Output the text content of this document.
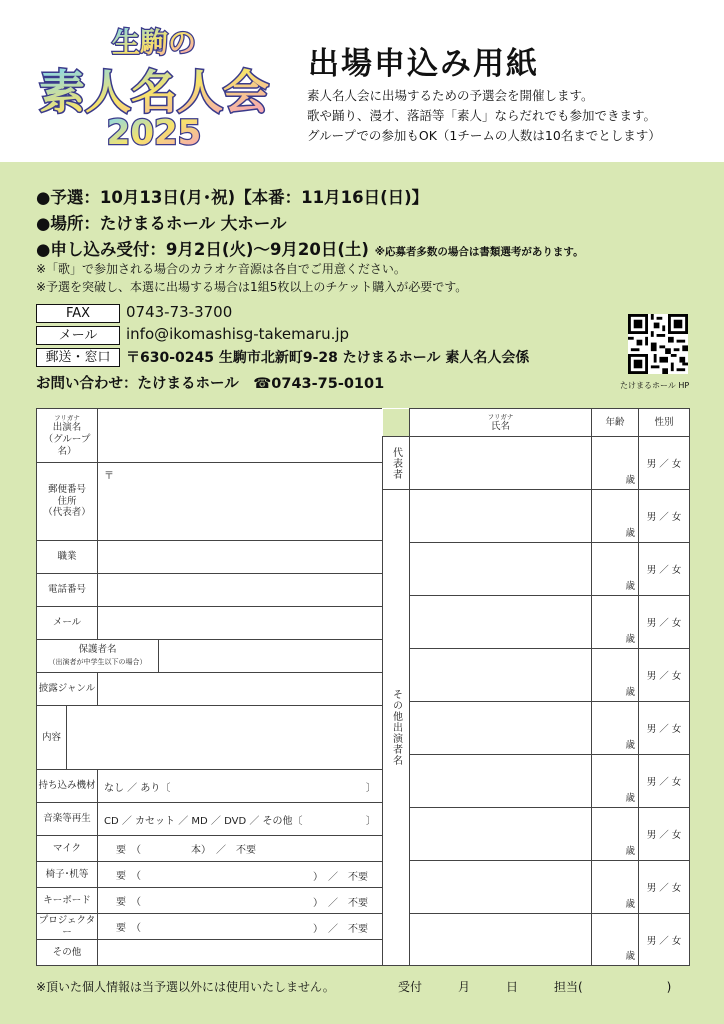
生駒の
素人名人会
2025
出場申込み用紙
素人名人会に出場するための予選会を開催します。
歌や踊り、漫才、落語等「素人」ならだれでも参加できます。
グループでの参加もOK（1チームの人数は10名までとします）
●予選：10月13日(月･祝)【本番：11月16日(日)】
●場所：たけまるホール 大ホール
●申し込み受付：9月2日(火)～9月20日(土) ※応募者多数の場合は書類選考があります。
※「歌」で参加される場合のカラオケ音源は各自でご用意ください。
※予選を突破し、本選に出場する場合は1組5枚以上のチケット購入が必要です。
FAX	0743-73-3700
メール	info@ikomashisg-takemaru.jp
郵送・窓口	〒630-0245 生駒市北新町9-28 たけまるホール 素人名人会係
お問い合わせ：たけまるホール　☎0743-75-0101	たけまるホール HP
フリガナ
出演名
（グループ名）			
郵便番号
住所
（代表者）		〒	
職業			
電話番号			
メール			
保護者名
（出演者が中学生以下の場合）			
披露ジャンル			
内容			
持ち込み機材		なし ／ あり〔 〕	

音楽等再生		CD ／ カセット ／ MD ／ DVD ／ その他〔 〕	

マイク		要　（　　　　　本）　／　不要	
椅子･机等		要　（ ）　／　不要	

キーボード		要　（ ）　／　不要	

プロジェクター		要　（ ）　／　不要	

その他			

	フリガナ
氏名	年齢	性別
代表者		歳	男 ／ 女
その他出演者名		歳	男 ／ 女
		歳	男 ／ 女
		歳	男 ／ 女
		歳	男 ／ 女
		歳	男 ／ 女
		歳	男 ／ 女
		歳	男 ／ 女
		歳	男 ／ 女
		歳	男 ／ 女
※頂いた個人情報は当予選以外には使用いたしません。	受付　　　月　　　日　　　担当(　　　　　　　)
